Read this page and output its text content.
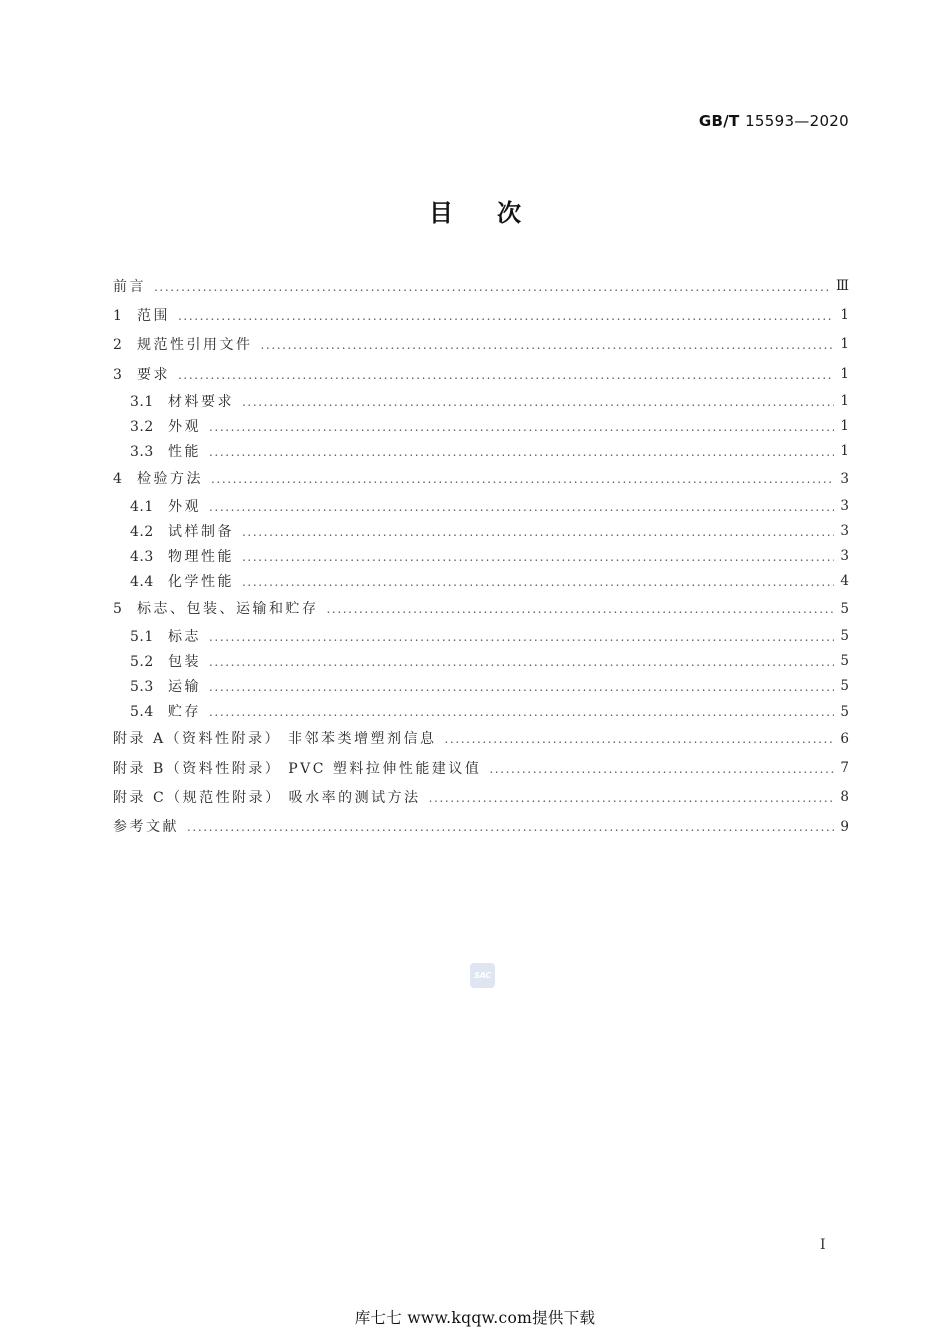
GB/T 15593—2020
目次
前言 .....	Ⅲ
1	范围 .....	1
2	规范性引用文件 .....	1
3	要求 .....	1
3.1	材料要求 .....	1
3.2	外观 .....	1
3.3	性能 .....	1
4	检验方法 .....	3
4.1	外观 .....	3
4.2	试样制备 .....	3
4.3	物理性能 .....	3
4.4	化学性能 .....	4
5	标志、包装、运输和贮存 .....	5
5.1	标志 .....	5
5.2	包装 .....	5
5.3	运输 .....	5
5.4	贮存 .....	5
附录 A（资料性附录） 非邻苯类增塑剂信息 .....	6
附录 B（资料性附录） PVC 塑料拉伸性能建议值 .....	7
附录 C（规范性附录） 吸水率的测试方法 .....	8
参考文献 .....	9
SAC
I
库七七 www.kqqw.com提供下载
